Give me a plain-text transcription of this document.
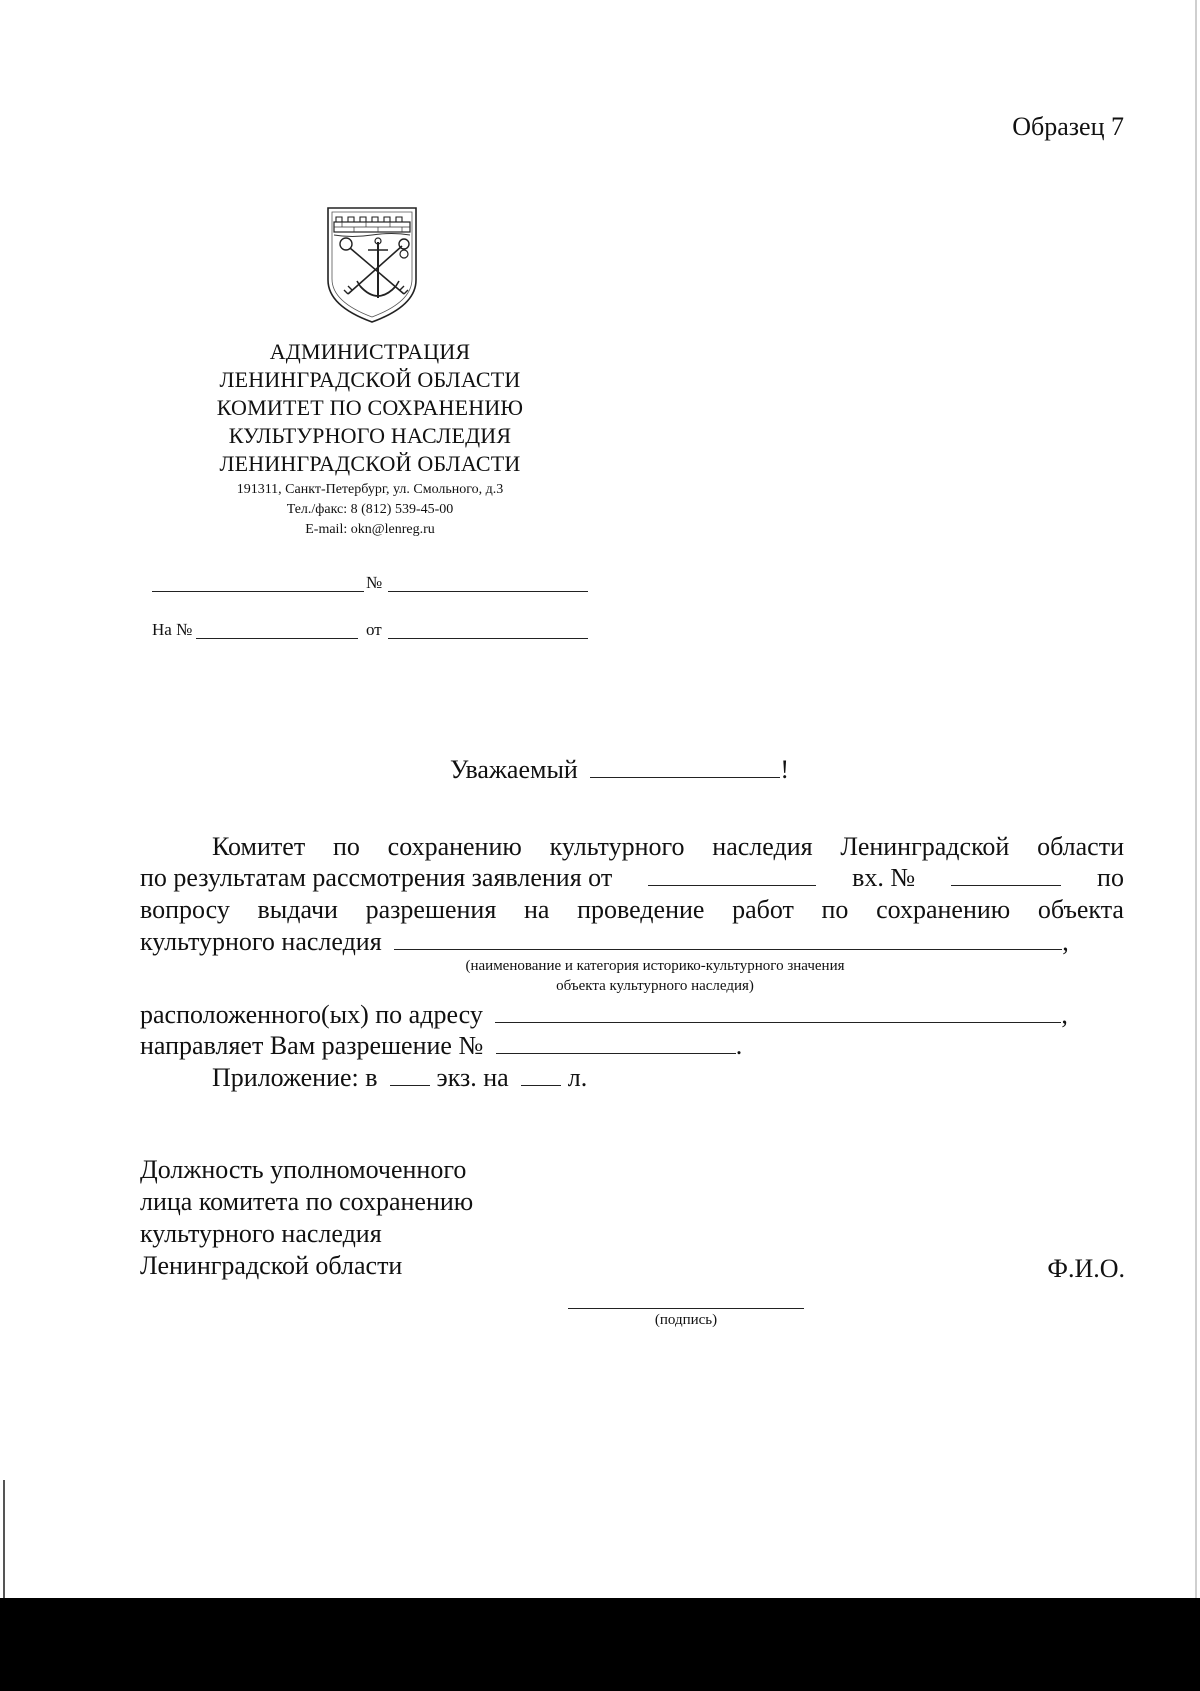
Образец 7
АДМИНИСТРАЦИЯ
ЛЕНИНГРАДСКОЙ ОБЛАСТИ
КОМИТЕТ ПО СОХРАНЕНИЮ
КУЛЬТУРНОГО НАСЛЕДИЯ
ЛЕНИНГРАДСКОЙ ОБЛАСТИ
191311, Санкт-Петербург, ул. Смольного, д.3
Тел./факс: 8 (812) 539-45-00
E-mail: okn@lenreg.ru
№
На №	от
Уважаемый	!
Комитет по сохранению культурного наследия Ленинградской области
по результатам рассмотрения заявления от	вх. №	по
вопросу выдачи разрешения на проведение работ по сохранению объекта
культурного наследия	,
(наименование и категория историко-культурного значения
объекта культурного наследия)
расположенного(ых) по адресу	,
направляет Вам разрешение №	.
Приложение: в экз. на л.
Должность уполномоченного
лица комитета по сохранению
культурного наследия
Ленинградской области	Ф.И.О.
(подпись)
